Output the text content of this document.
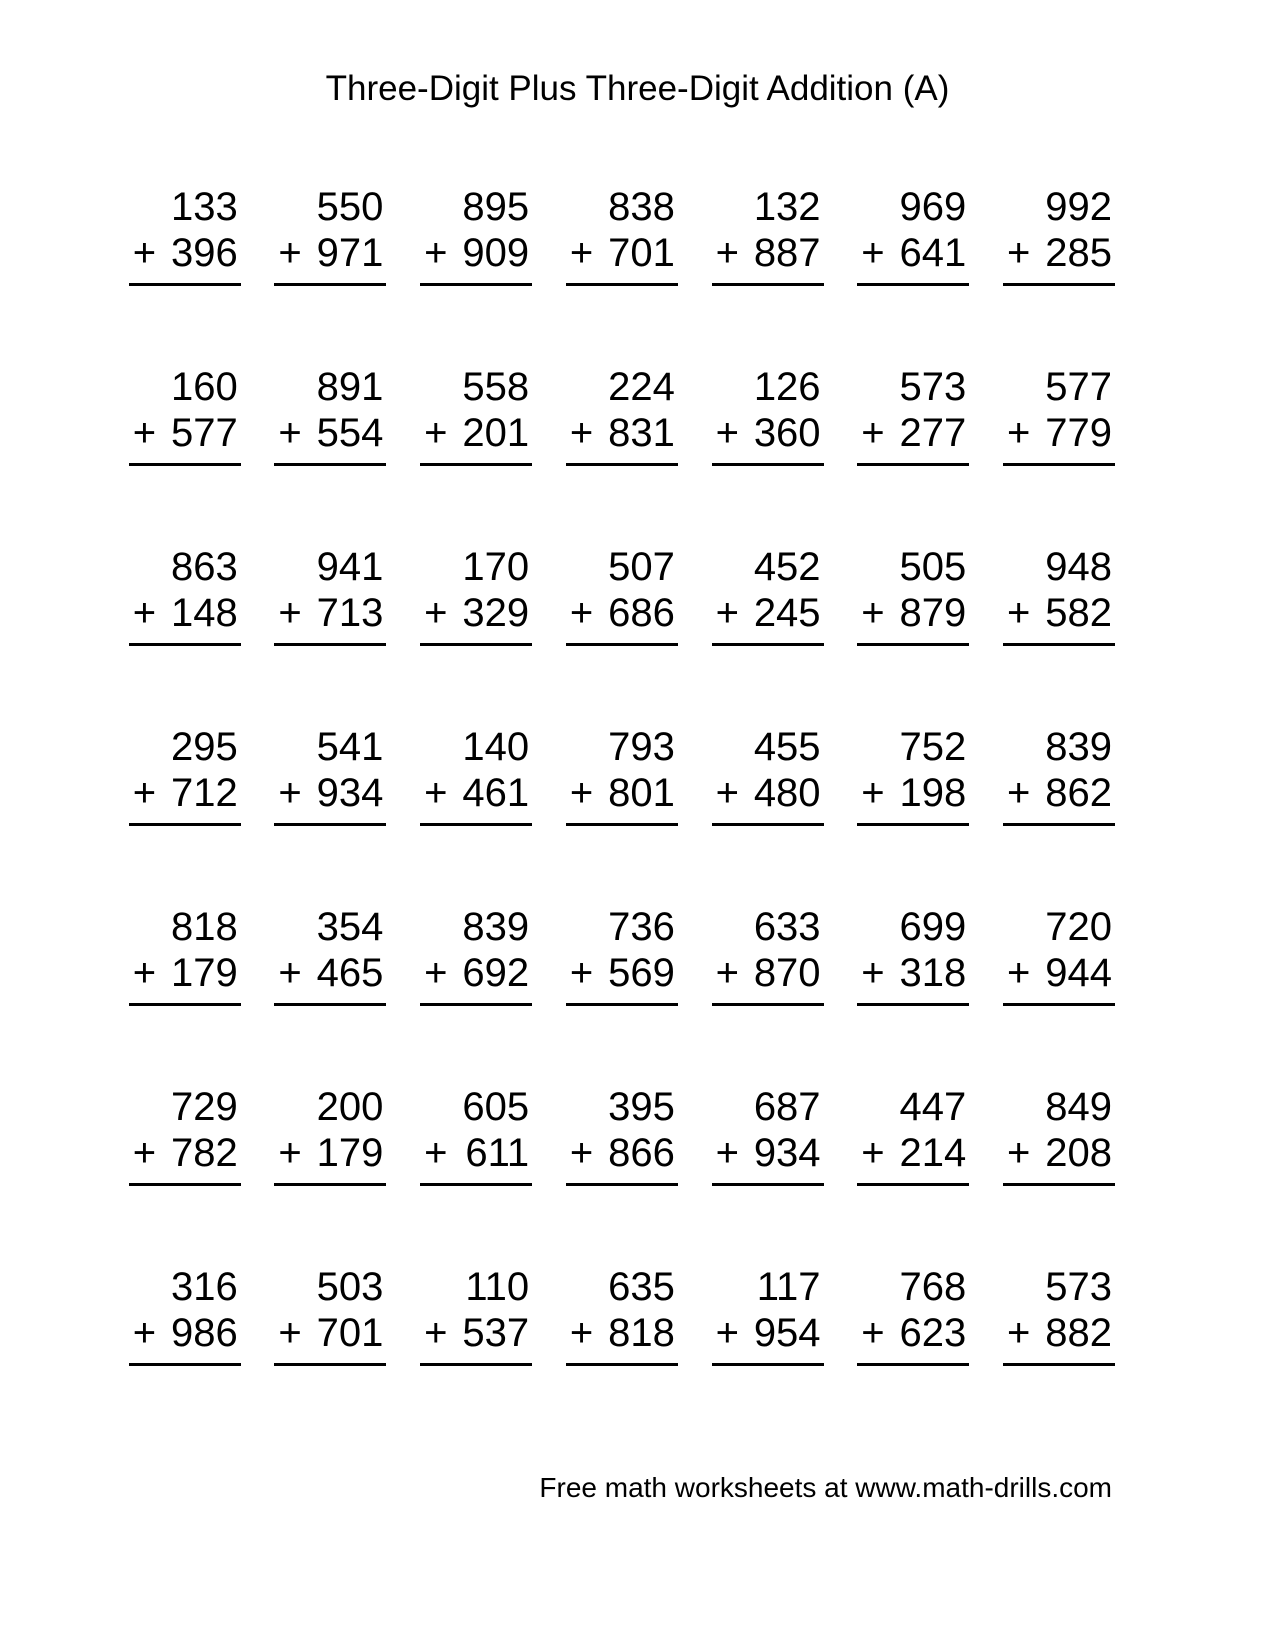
Three-Digit Plus Three-Digit Addition (A)
133
+ 396
550
+ 971
895
+ 909
838
+ 701
132
+ 887
969
+ 641
992
+ 285
160
+ 577
891
+ 554
558
+ 201
224
+ 831
126
+ 360
573
+ 277
577
+ 779
863
+ 148
941
+ 713
170
+ 329
507
+ 686
452
+ 245
505
+ 879
948
+ 582
295
+ 712
541
+ 934
140
+ 461
793
+ 801
455
+ 480
752
+ 198
839
+ 862
818
+ 179
354
+ 465
839
+ 692
736
+ 569
633
+ 870
699
+ 318
720
+ 944
729
+ 782
200
+ 179
605
+ 611
395
+ 866
687
+ 934
447
+ 214
849
+ 208
316
+ 986
503
+ 701
110
+ 537
635
+ 818
117
+ 954
768
+ 623
573
+ 882
Free math worksheets at www.math-drills.com
